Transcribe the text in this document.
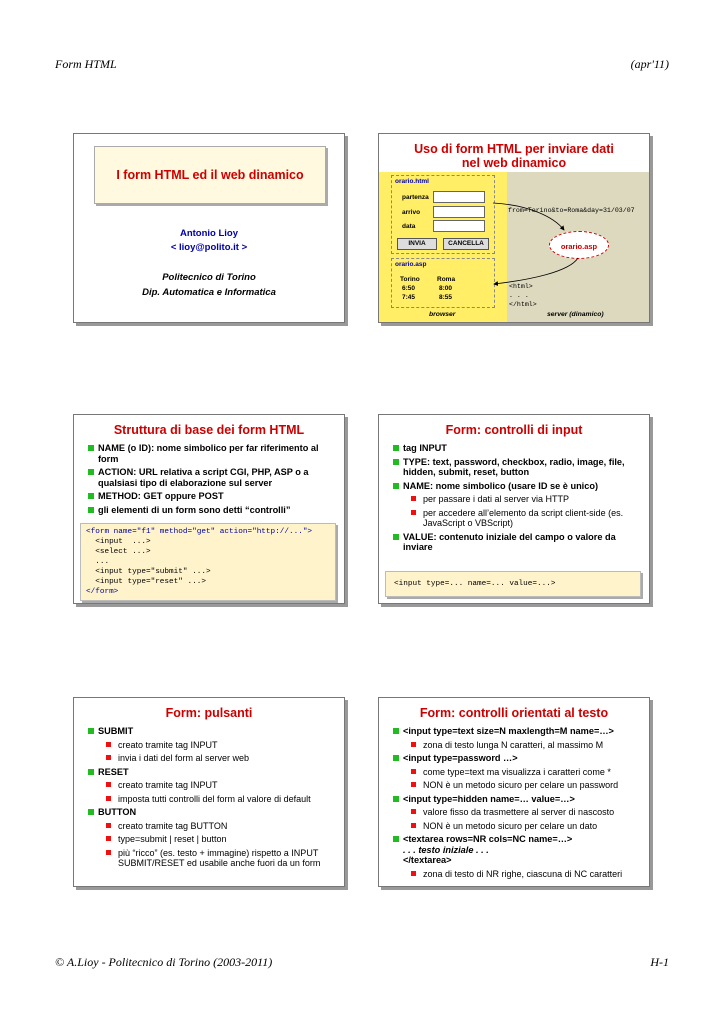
Form HTML	(apr'11)
I form HTML ed il web dinamico
Antonio Lioy
< lioy@polito.it >
Politecnico di Torino
Dip. Automatica e Informatica
Uso di form HTML per inviare dati
nel web dinamico
orario.html
partenza
arrivo
data
INVIA	CANCELLA
from=Torino&to=Roma&day=31/03/07
orario.asp
orario.asp
Torino	Roma
6:50	8:00
7:45	8:55
<html>
. . .
</html>
browser	server (dinamico)
Struttura di base dei form HTML
NAME (o ID): nome simbolico per far riferimento al form
ACTION: URL relativa a script CGI, PHP, ASP o a qualsiasi tipo di elaborazione sul server
METHOD: GET oppure POST
gli elementi di un form sono detti “controlli”
<form name="f1" method="get" action="http://...">
<input  ...>
<select ...>
...
<input type="submit" ...>
<input type="reset" ...>
</form>
Form: controlli di input
tag INPUT
TYPE: text, password, checkbox, radio, image, file, hidden, submit, reset, button
NAME: nome simbolico (usare ID se è unico)
per passare i dati al server via HTTP
per accedere all’elemento da script client-side (es. JavaScript o VBScript)
VALUE: contenuto iniziale del campo o valore da inviare
<input type=... name=... value=...>
Form: pulsanti
SUBMIT
creato tramite tag INPUT
invia i dati del form al server web
RESET
creato tramite tag INPUT
imposta tutti controlli del form al valore di default
BUTTON
creato tramite tag BUTTON
type=submit | reset | button
più “ricco” (es. testo + immagine) rispetto a INPUT SUBMIT/RESET ed usabile anche fuori da un form
Form: controlli orientati al testo
<input type=text size=N maxlength=M name=…>
zona di testo lunga N caratteri, al massimo M
<input type=password …>
come type=text ma visualizza i caratteri come *
NON è un metodo sicuro per celare un password
<input type=hidden name=… value=…>
valore fisso da trasmettere al server di nascosto
NON è un metodo sicuro per celare un dato
<textarea rows=NR cols=NC name=…>
. . . testo iniziale . . .
</textarea>
zona di testo di NR righe, ciascuna di NC caratteri
© A.Lioy - Politecnico di Torino (2003-2011)	H-1
